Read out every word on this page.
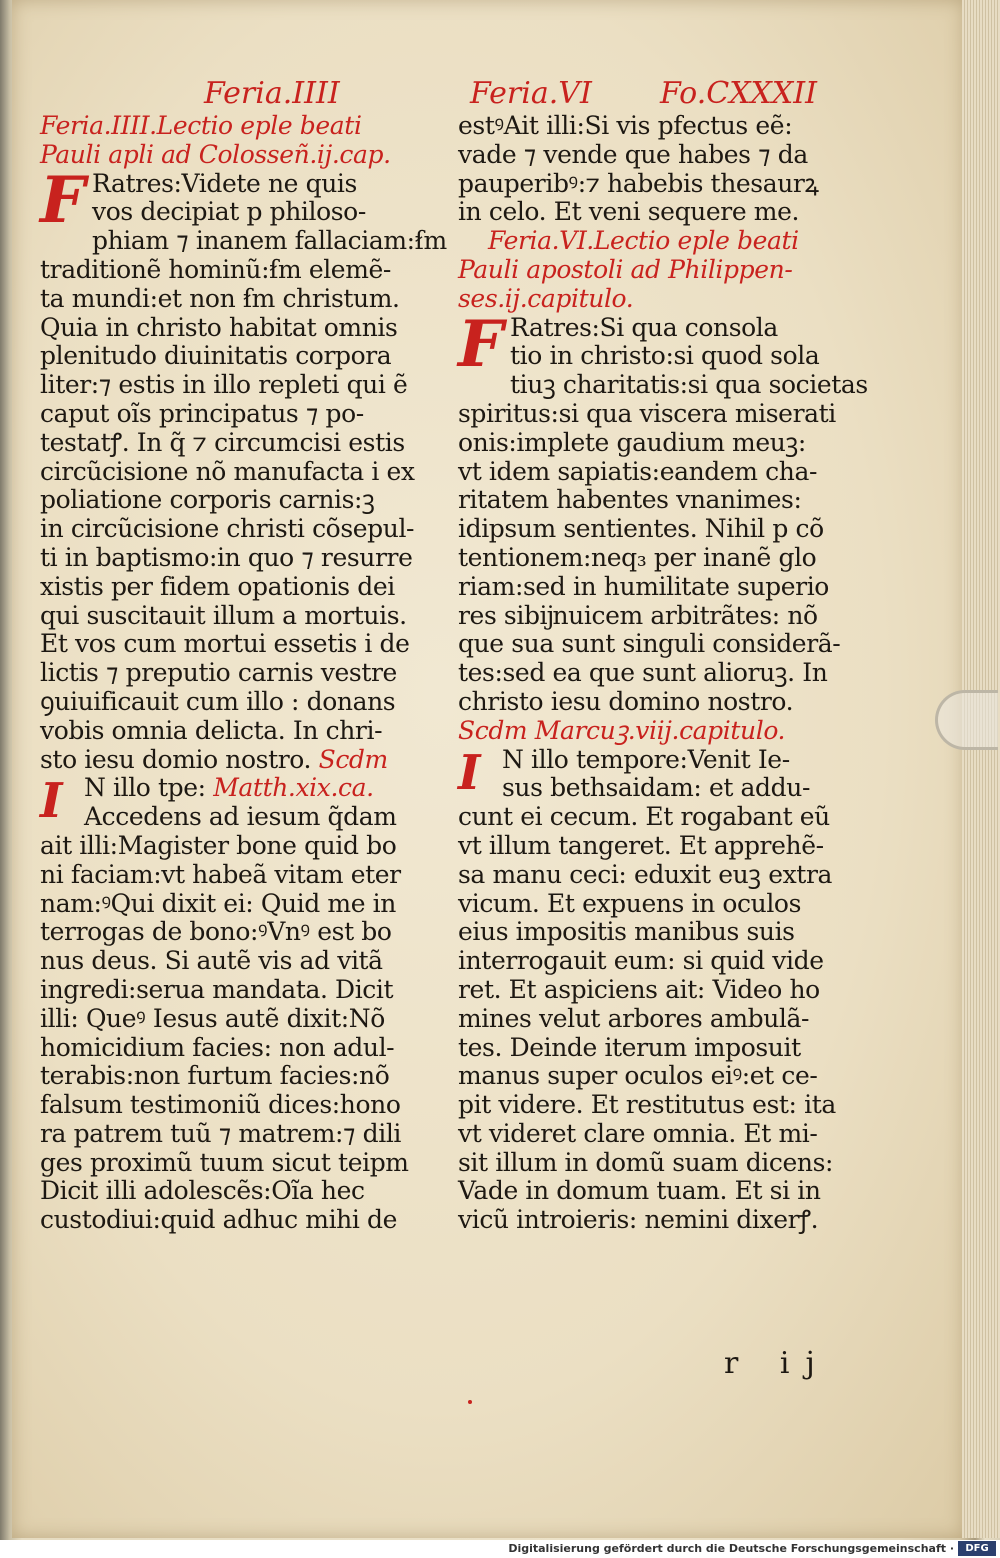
Feria.IIII	Feria.VI Fo.CXXXII
Feria.IIII.Lectio eple beati
Pauli apli ad Colosseñ.ij.cap.
F Ratres:Videte ne quis
vos decipiat p philoso-
phiam ⁊ inanem fallaciam:ẜm
traditionẽ hominũ:ẜm elemẽ-
ta mundi:et non ẜm christum.
Quia in christo habitat omnis
plenitudo diuinitatis corpora
liter:⁊ estis in illo repleti qui ẽ
caput oĩs principatus ⁊ po-
testatꝭ. In q̃ ⁊ circumcisi estis
circũcisione nõ manufacta i ex
poliatione corporis carnis:ꝫ
in circũcisione christi cõsepul-
ti in baptismo:in quo ⁊ resurre
xistis per fidem opationis dei
qui suscitauit illum a mortuis.
Et vos cum mortui essetis i de
lictis ⁊ preputio carnis vestre
ꝯuiuificauit cum illo : donans
vobis omnia delicta. In chri-
sto iesu domio nostro. Scdm
I N illo tpe: Matth.xix.ca.
Accedens ad iesum q̃dam
ait illi:Magister bone quid bo
ni faciam:vt habeã vitam eter
nam:ꝰQui dixit ei: Quid me in
terrogas de bono:ꝰVnꝰ est bo
nus deus. Si autẽ vis ad vitã
ingredi:serua mandata. Dicit
illi: Queꝰ Iesus autẽ dixit:Nõ
homicidium facies: non adul-
terabis:non furtum facies:nõ
falsum testimoniũ dices:hono
ra patrem tuũ ⁊ matrem:⁊ dili
ges proximũ tuum sicut teipm
Dicit illi adolescẽs:Oĩa hec
custodiui:quid adhuc mihi de
estꝰAit illi:Si vis pfectus eẽ:
vade ⁊ vende que habes ⁊ da
pauperibꝰ:⁊ habebis thesaurꝝ
in celo. Et veni sequere me.
Feria.VI.Lectio eple beati
Pauli apostoli ad Philippen-
ses.ij.capitulo.
F Ratres:Si qua consola
tio in christo:si quod sola
tiuꝫ charitatis:si qua societas
spiritus:si qua viscera miserati
onis:implete gaudium meuꝫ:
vt idem sapiatis:eandem cha-
ritatem habentes vnanimes:
idipsum sentientes. Nihil p cõ
tentionem:neq₃ per inanẽ glo
riam:sed in humilitate superio
res sibĳnuicem arbitrãtes: nõ
que sua sunt singuli considerã-
tes:sed ea que sunt alioruꝫ. In
christo iesu domino nostro.
Scdm Marcuꝫ.viij.capitulo.
I N illo tempore:Venit Ie-
sus bethsaidam: et addu-
cunt ei cecum. Et rogabant eũ
vt illum tangeret. Et apprehẽ-
sa manu ceci: eduxit euꝫ extra
vicum. Et expuens in oculos
eius impositis manibus suis
interrogauit eum: si quid vide
ret. Et aspiciens ait: Video ho
mines velut arbores ambulã-
tes. Deinde iterum imposuit
manus super oculos eiꝰ:et ce-
pit videre. Et restitutus est: ita
vt videret clare omnia. Et mi-
sit illum in domũ suam dicens:
Vade in domum tuam. Et si in
vicũ introieris: nemini dixerꝭ.
r ij
Digitalisierung gefördert durch die Deutsche Forschungsgemeinschaft ·	DFG
